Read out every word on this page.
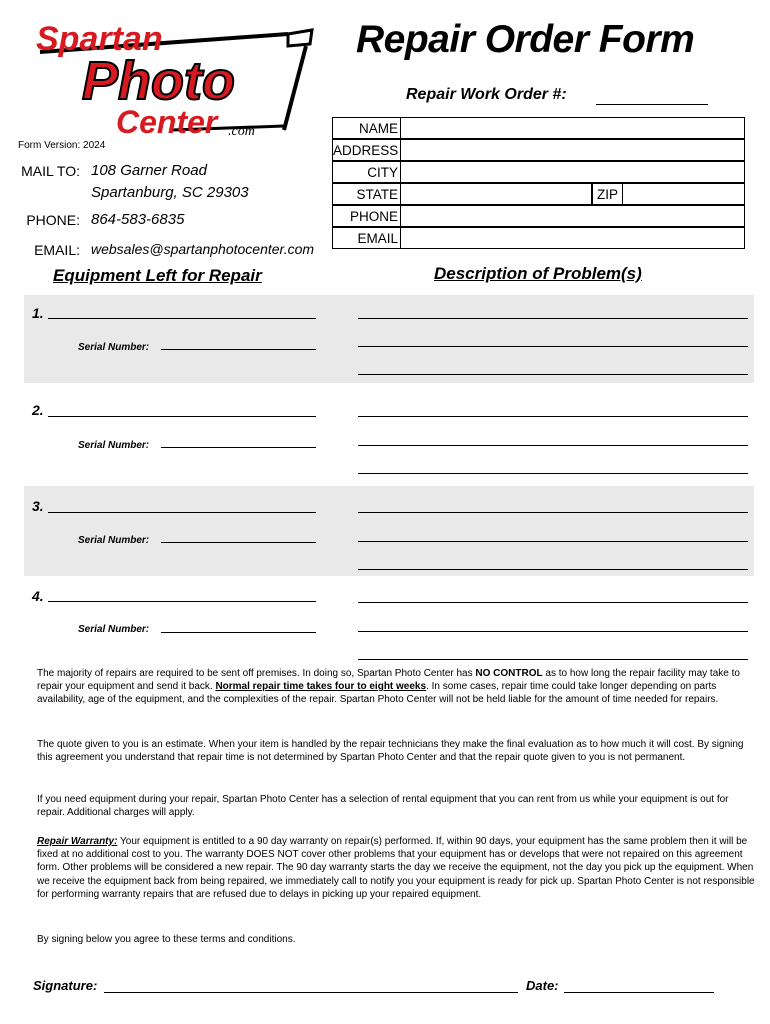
Spartan
Photo
Center .com
Form Version: 2024
Repair Order Form
Repair Work Order #:
MAIL TO: 108 Garner Road
Spartanburg, SC 29303
PHONE: 864-583-6835
EMAIL: websales@spartanphotocenter.com
NAME
ADDRESS
CITY
STATE	ZIP
PHONE
EMAIL
Equipment Left for Repair	Description of Problem(s)
1.
Serial Number:
2.
Serial Number:
3.
Serial Number:
4.
Serial Number:
The majority of repairs are required to be sent off premises. In doing so, Spartan Photo Center has NO CONTROL as to how long the repair facility may take to repair your equipment and send it back. Normal repair time takes four to eight weeks. In some cases, repair time could take longer depending on parts availability, age of the equipment, and the complexities of the repair. Spartan Photo Center will not be held liable for the amount of time needed for repairs.
The quote given to you is an estimate. When your item is handled by the repair technicians they make the final evaluation as to how much it will cost. By signing this agreement you understand that repair time is not determined by Spartan Photo Center and that the repair quote given to you is not permanent.
If you need equipment during your repair, Spartan Photo Center has a selection of rental equipment that you can rent from us while your equipment is out for repair. Additional charges will apply.
Repair Warranty: Your equipment is entitled to a 90 day warranty on repair(s) performed. If, within 90 days, your equipment has the same problem then it will be fixed at no additional cost to you. The warranty DOES NOT cover other problems that your equipment has or develops that were not repaired on this agreement form. Other problems will be considered a new repair. The 90 day warranty starts the day we receive the equipment, not the day you pick up the equipment. When we receive the equipment back from being repaired, we immediately call to notify you your equipment is ready for pick up. Spartan Photo Center is not responsible for performing warranty repairs that are refused due to delays in picking up your repaired equipment.
By signing below you agree to these terms and conditions.
Signature:	Date:
